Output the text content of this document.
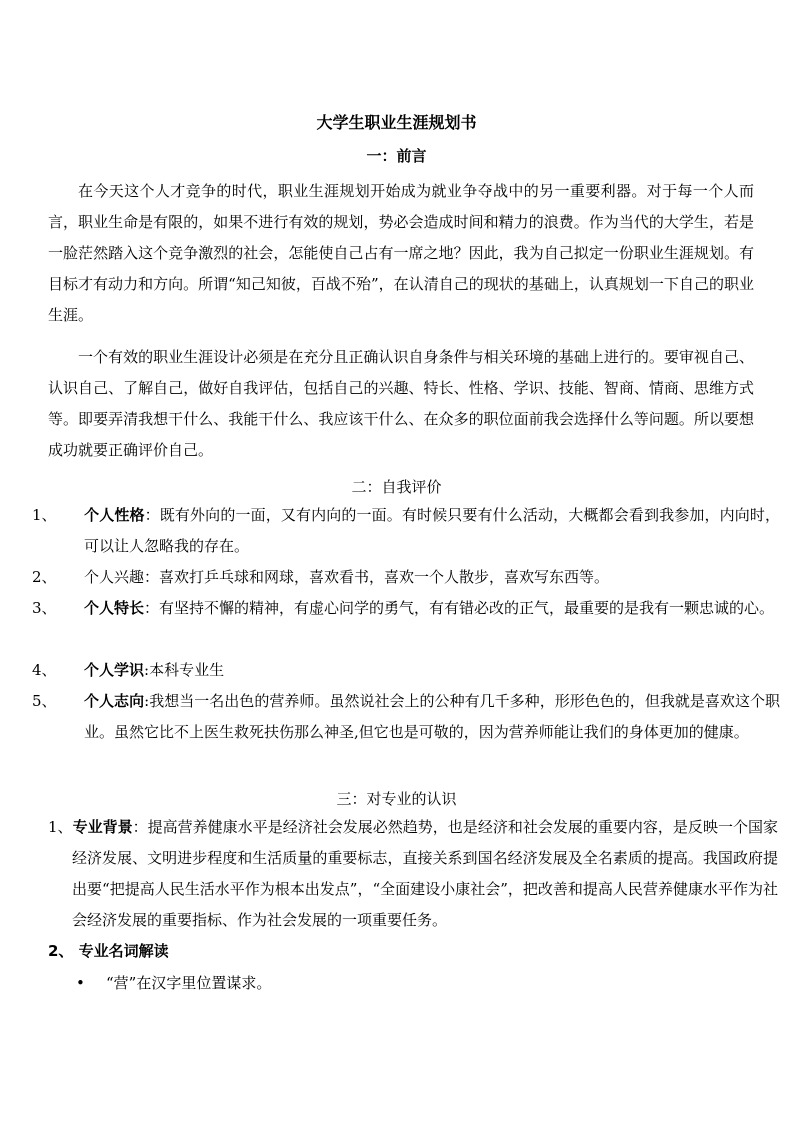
大学生职业生涯规划书
一：前言

在今天这个人才竞争的时代，职业生涯规划开始成为就业争夺战中的另一重要利器。对于每一个人而言，职业生命是有限的，如果不进行有效的规划，势必会造成时间和精力的浪费。作为当代的大学生，若是一脸茫然踏入这个竞争激烈的社会，怎能使自己占有一席之地？因此，我为自己拟定一份职业生涯规划。有目标才有动力和方向。所谓“知己知彼，百战不殆”，在认清自己的现状的基础上，认真规划一下自己的职业生涯。

一个有效的职业生涯设计必须是在充分且正确认识自身条件与相关环境的基础上进行的。要审视自己、认识自己、了解自己，做好自我评估，包括自己的兴趣、特长、性格、学识、技能、智商、情商、思维方式等。即要弄清我想干什么、我能干什么、我应该干什么、在众多的职位面前我会选择什么等问题。所以要想成功就要正确评价自己。

二：自我评价

1、 个人性格：既有外向的一面，又有内向的一面。有时候只要有什么活动，大概都会看到我参加，内向时，可以让人忽略我的存在。

2、 个人兴趣：喜欢打乒乓球和网球，喜欢看书，喜欢一个人散步，喜欢写东西等。

3、 个人特长：有坚持不懈的精神，有虚心问学的勇气，有有错必改的正气，最重要的是我有一颗忠诚的心。

4、 个人学识:本科专业生

5、 个人志向:我想当一名出色的营养师。虽然说社会上的公种有几千多种，形形色色的，但我就是喜欢这个职业。虽然它比不上医生救死扶伤那么神圣,但它也是可敬的，因为营养师能让我们的身体更加的健康。

三：对专业的认识

1、专业背景：提高营养健康水平是经济社会发展必然趋势，也是经济和社会发展的重要内容，是反映一个国家经济发展、文明进步程度和生活质量的重要标志，直接关系到国名经济发展及全名素质的提高。我国政府提出要“把提高人民生活水平作为根本出发点”，“全面建设小康社会”，把改善和提高人民营养健康水平作为社会经济发展的重要指标、作为社会发展的一项重要任务。

2、 专业名词解读
• “营”在汉字里位置谋求。
